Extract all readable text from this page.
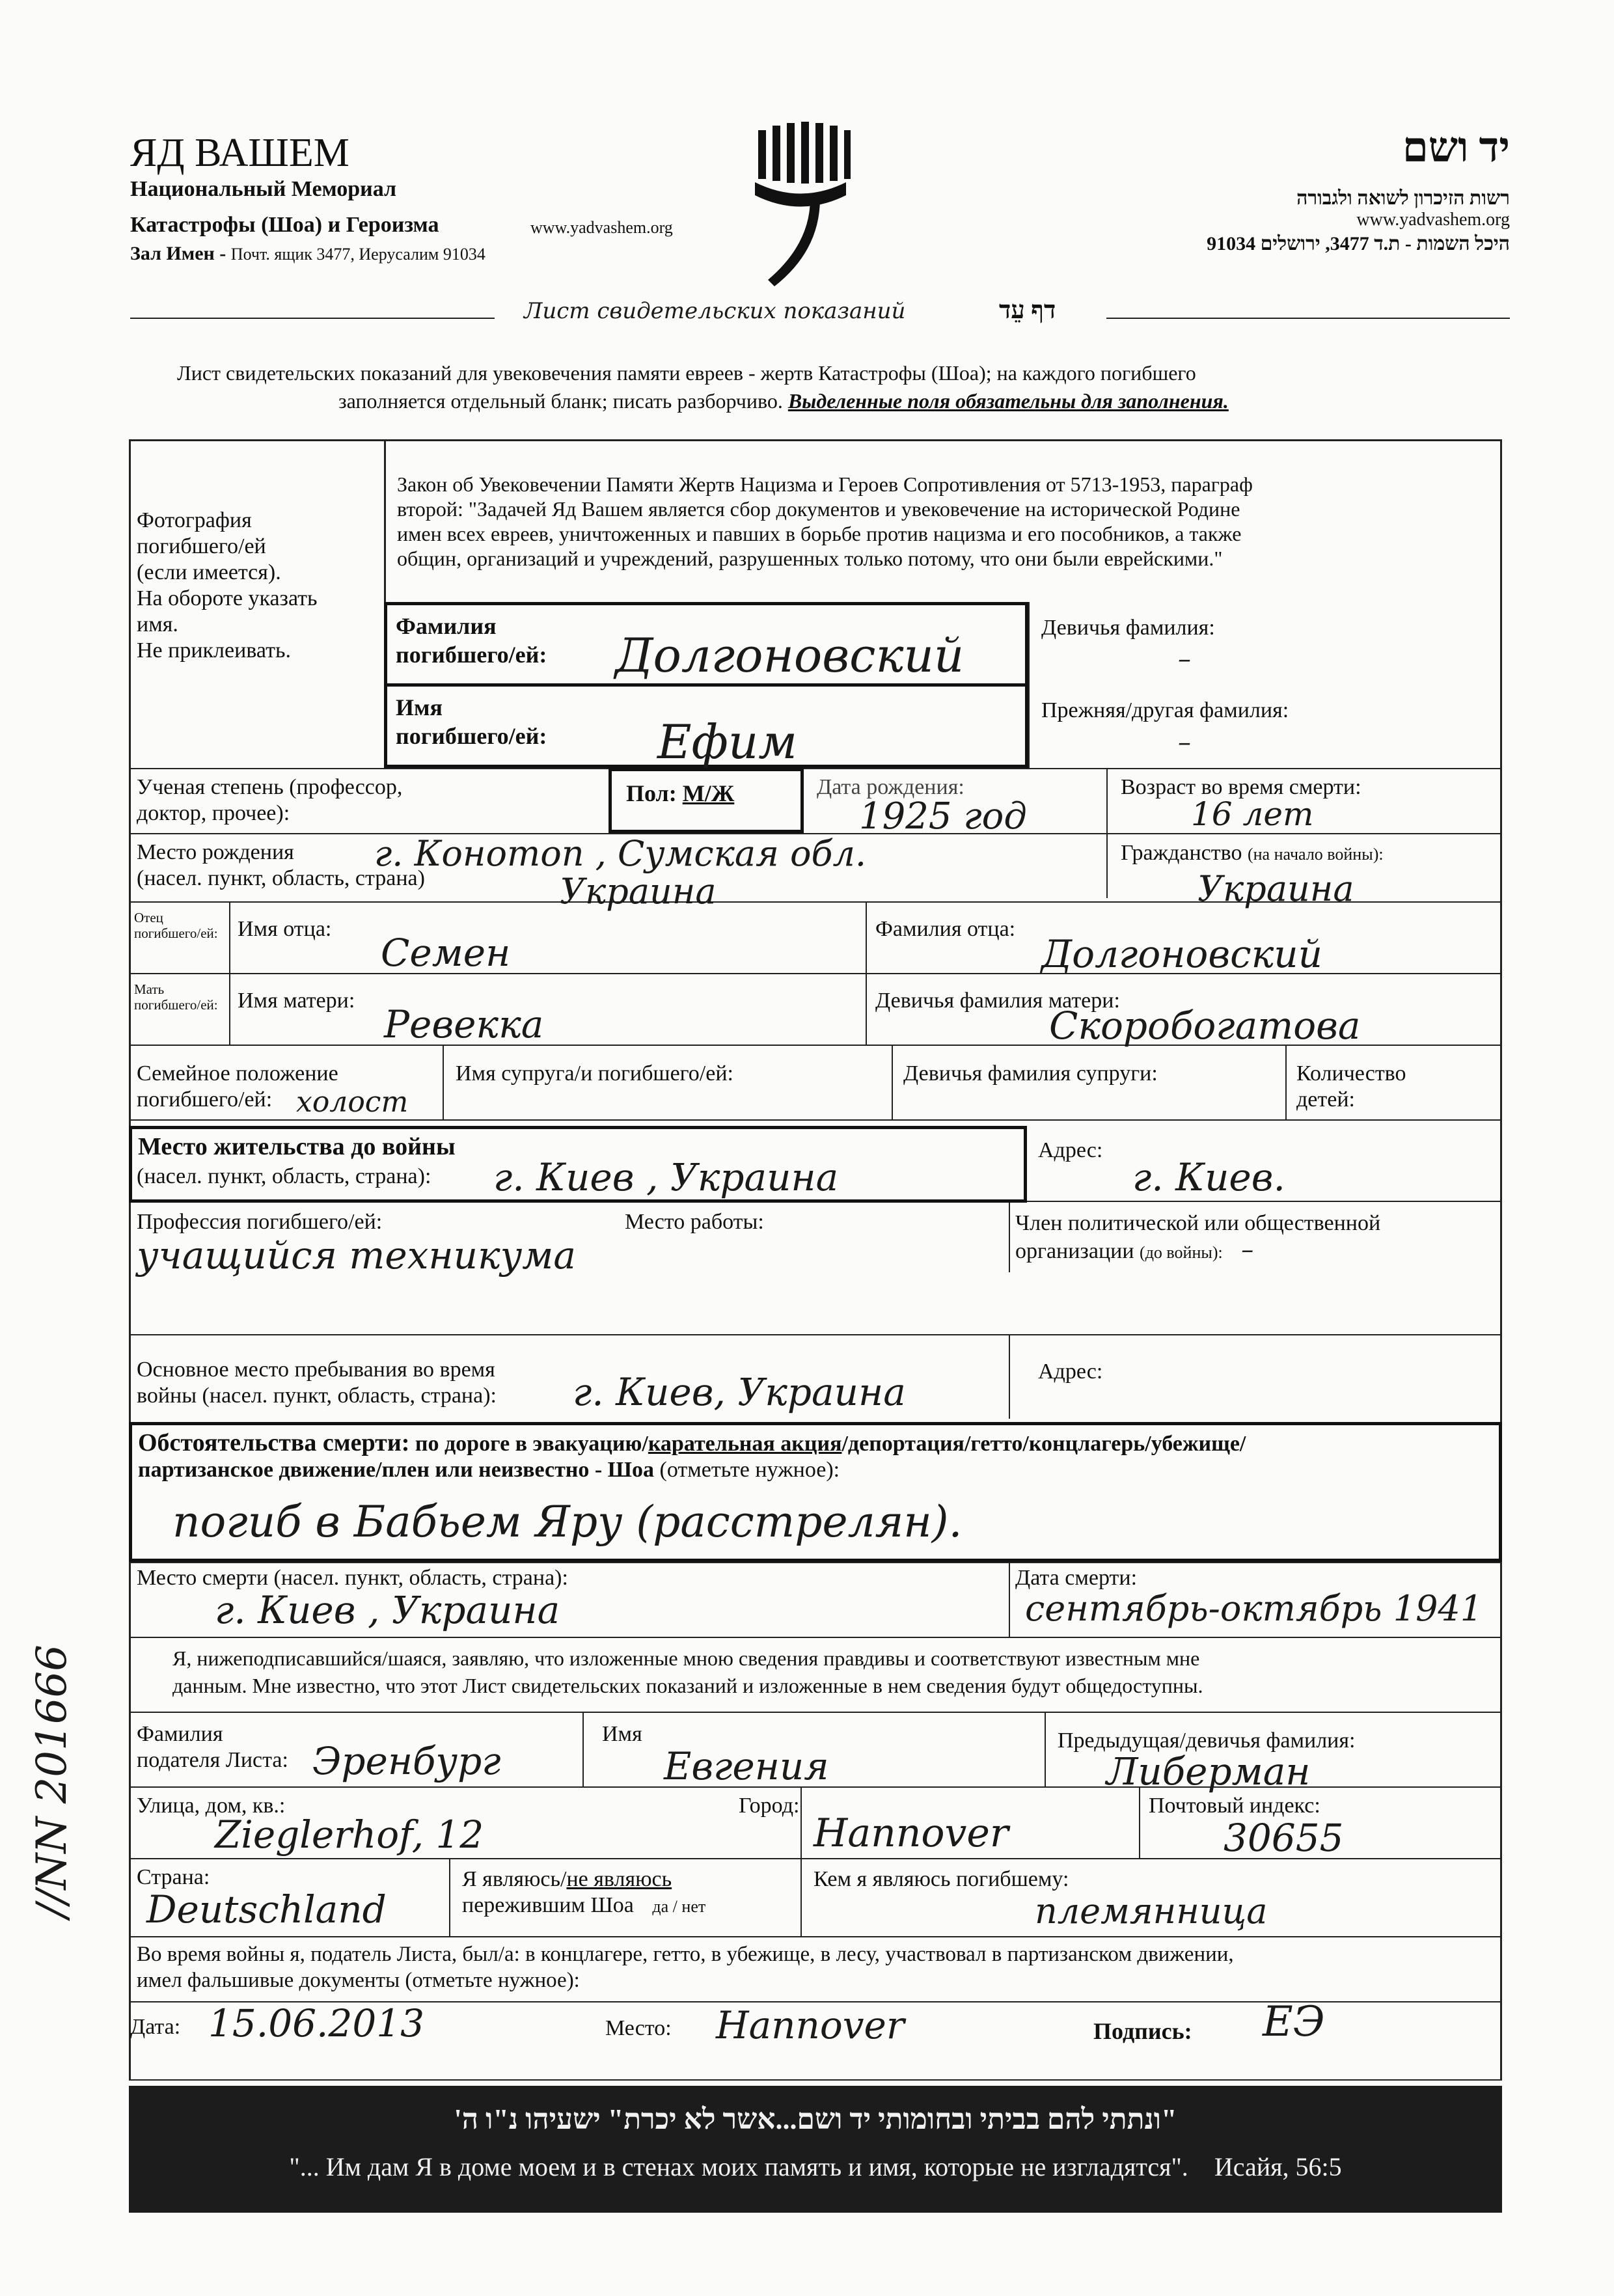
ЯД ВАШЕМ
Национальный Мемориал
Катастрофы (Шоа) и Героизма	www.yadvashem.org
Зал Имен - Почт. ящик 3477, Иерусалим 91034
יד ושם
רשות הזיכרון לשואה ולגבורה
www.yadvashem.org
היכל השמות - ת.ד 3477, ירושלים 91034
Лист свидетельских показаний	דף עֵד
Лист свидетельских показаний для увековечения памяти евреев - жертв Катастрофы (Шоа); на каждого погибшего
заполняется отдельный бланк; писать разборчиво. Выделенные поля обязательны для заполнения.
Фотография
погибшего/ей
(если имеется).
На обороте указать
имя.
Не приклеивать.
Закон об Увековечении Памяти Жертв Нацизма и Героев Сопротивления от 5713-1953, параграф
второй: "Задачей Яд Вашем является сбор документов и увековечение на исторической Родине
имен всех евреев, уничтоженных и павших в борьбе против нацизма и его пособников, а также
общин, организаций и учреждений, разрушенных только потому, что они были еврейскими."
Фамилия
погибшего/ей: Долгоновский
Девичья фамилия:
–
Имя
погибшего/ей: Ефим
Прежняя/другая фамилия:
–
Ученая степень (профессор,
доктор, прочее):
Пол: М/Ж	Дата рождения:
1925 год
Возраст во время смерти:
16 лет
Место рождения
(насел. пункт, область, страна)
г. Конотоп , Сумская обл.
Украина
Гражданство (на начало войны):
Украина
Отец погибшего/ей: Имя отца:
Семен
Фамилия отца:
Долгоновский
Мать погибшего/ей: Имя матери:
Ревекка
Девичья фамилия матери:
Скоробогатова
Семейное положение
погибшего/ей: холост
Имя супруга/и погибшего/ей:	Девичья фамилия супруги:	Количество
детей:
Место жительства до войны
(насел. пункт, область, страна): г. Киев , Украина
Адрес:
г. Киев.
Профессия погибшего/ей:
учащийся техникума
Место работы:	Член политической или общественной
организации (до войны): –
Основное место пребывания во время
войны (насел. пункт, область, страна): г. Киев, Украина	Адрес:
Обстоятельства смерти: по дороге в эвакуацию/карательная акция/депортация/гетто/концлагерь/убежище/
партизанское движение/плен или неизвестно - Шоа (отметьте нужное):
погиб в Бабьем Яру (расстрелян).
Место смерти (насел. пункт, область, страна):
г. Киев , Украина
Дата смерти:
сентябрь-октябрь 1941
Я, нижеподписавшийся/шаяся, заявляю, что изложенные мною сведения правдивы и соответствуют известным мне
данным. Мне известно, что этот Лист свидетельских показаний и изложенные в нем сведения будут общедоступны.
Фамилия
подателя Листа: Эренбург
Имя
Евгения
Предыдущая/девичья фамилия:
Либерман
Улица, дом, кв.:
Zieglerhof, 12
Город:
Hannover
Почтовый индекс:
30655
Страна:
Deutschland
Я являюсь/не являюсь
пережившим Шоа да / нет
Кем я являюсь погибшему:
племянница
Во время войны я, податель Листа, был/а: в концлагере, гетто, в убежище, в лесу, участвовал в партизанском движении,
имел фальшивые документы (отметьте нужное):
Дата: 15.06.2013	Место: Hannover	Подпись: ЕЭ
"ונתתי להם בביתי ובחומותי יד ושם...אשר לא יכרת" ישעיהו נ"ו ה'
"... Им дам Я в доме моем и в стенах моих память и имя, которые не изгладятся". Исайя, 56:5
//NN 201666
